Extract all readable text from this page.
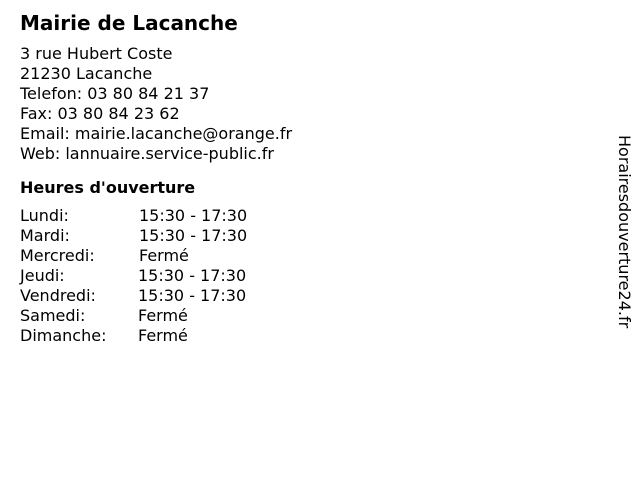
Mairie de Lacanche
3 rue Hubert Coste
21230 Lacanche
Telefon: 03 80 84 21 37
Fax: 03 80 84 23 62
Email: mairie.lacanche@orange.fr
Web: lannuaire.service-public.fr
Heures d'ouverture
Lundi:	15:30 - 17:30
Mardi:	15:30 - 17:30
Mercredi:	Fermé
Jeudi:	15:30 - 17:30
Vendredi:	15:30 - 17:30
Samedi:	Fermé
Dimanche: Fermé
Horairesdouverture24.fr
